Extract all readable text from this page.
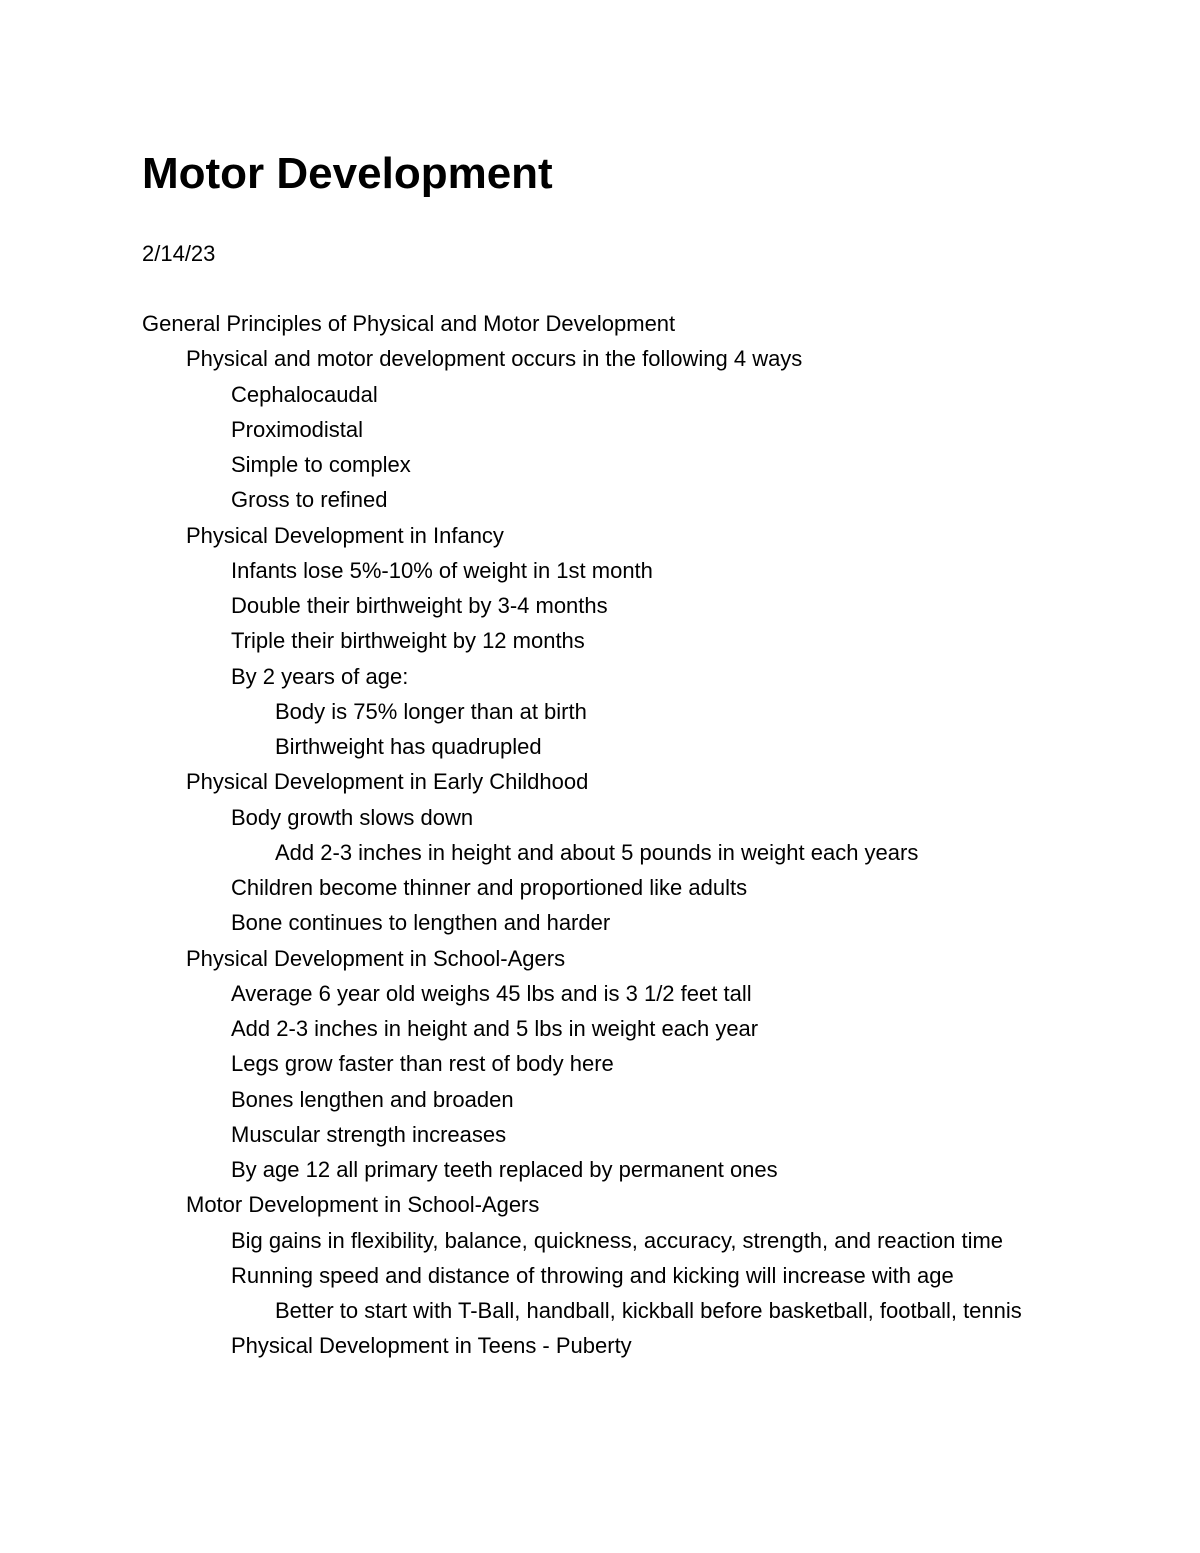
Motor Development
2/14/23
General Principles of Physical and Motor Development
Physical and motor development occurs in the following 4 ways
Cephalocaudal
Proximodistal
Simple to complex
Gross to refined
Physical Development in Infancy
Infants lose 5%-10% of weight in 1st month
Double their birthweight by 3-4 months
Triple their birthweight by 12 months
By 2 years of age:
Body is 75% longer than at birth
Birthweight has quadrupled
Physical Development in Early Childhood
Body growth slows down
Add 2-3 inches in height and about 5 pounds in weight each years
Children become thinner and proportioned like adults
Bone continues to lengthen and harder
Physical Development in School-Agers
Average 6 year old weighs 45 lbs and is 3 1/2 feet tall
Add 2-3 inches in height and 5 lbs in weight each year
Legs grow faster than rest of body here
Bones lengthen and broaden
Muscular strength increases
By age 12 all primary teeth replaced by permanent ones
Motor Development in School-Agers
Big gains in flexibility, balance, quickness, accuracy, strength, and reaction time
Running speed and distance of throwing and kicking will increase with age
Better to start with T-Ball, handball, kickball before basketball, football, tennis
Physical Development in Teens - Puberty
